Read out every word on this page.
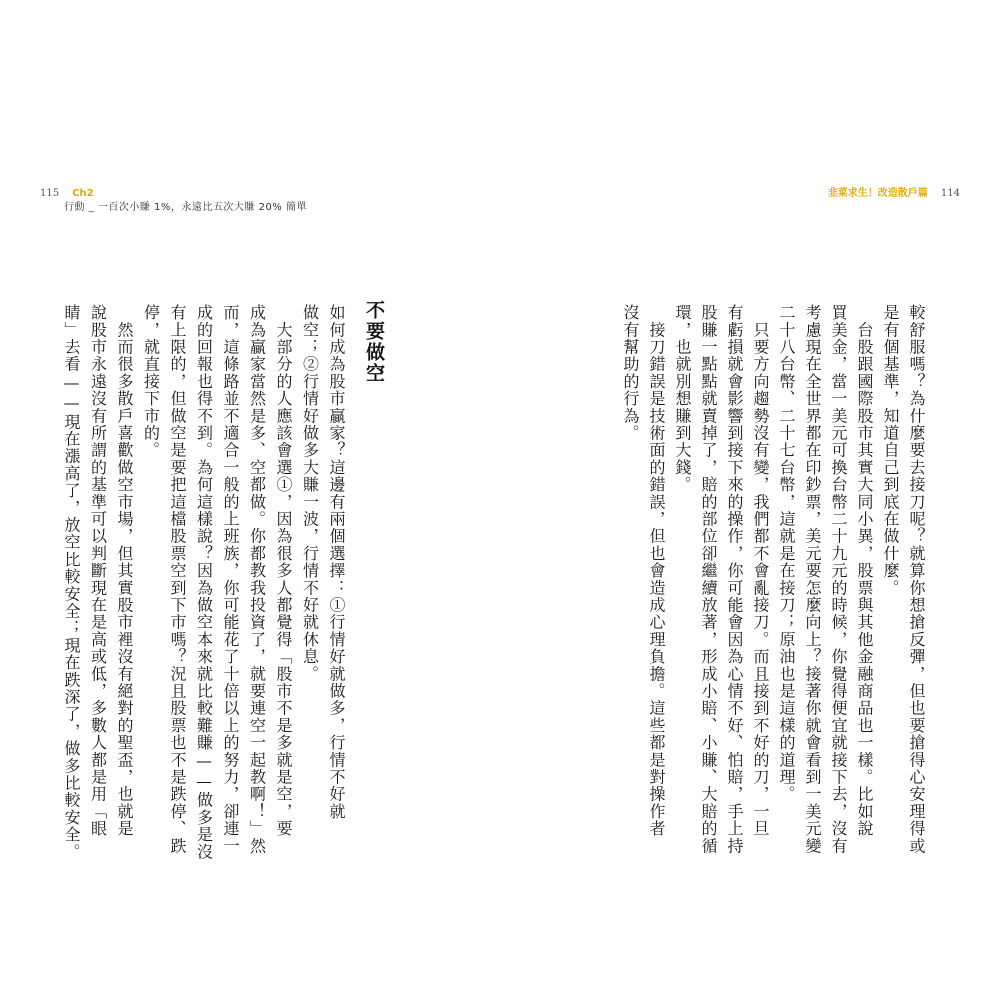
115 Ch2
行動 _ 一百次小賺 1%，永遠比五次大賺 20% 簡單
不要做空
如何成為股市贏家？這邊有兩個選擇：①行情好就做多，行情不好就
做空；②行情好做多大賺一波，行情不好就休息。
　大部分的人應該會選①，因為很多人都覺得「股市不是多就是空，要
成為贏家當然是多、空都做。你都教我投資了，就要連空一起教啊！」然
而，這條路並不適合一般的上班族，你可能花了十倍以上的努力，卻連一
成的回報也得不到。為何這樣說？因為做空本來就比較難賺——做多是沒
有上限的，但做空是要把這檔股票空到下市嗎？況且股票也不是跌停、跌
停，就直接下市的。
　然而很多散戶喜歡做空市場，但其實股市裡沒有絕對的聖盃，也就是
說股市永遠沒有所謂的基準可以判斷現在是高或低，多數人都是用「眼
睛」去看——現在漲高了，放空比較安全；現在跌深了，做多比較安全。
韭菜求生！改造散戶篇 114
較舒服嗎？為什麼要去接刀呢？就算你想搶反彈，但也要搶得心安理得或
是有個基準，知道自己到底在做什麼。
　台股跟國際股市其實大同小異，股票與其他金融商品也一樣。比如說
買美金，當一美元可換台幣二十九元的時候，你覺得便宜就接下去，沒有
考慮現在全世界都在印鈔票，美元要怎麼向上？接著你就會看到一美元變
二十八台幣、二十七台幣，這就是在接刀；原油也是這樣的道理。
　只要方向趨勢沒有變，我們都不會亂接刀。而且接到不好的刀，一旦
有虧損就會影響到接下來的操作，你可能會因為心情不好、怕賠，手上持
股賺一點點就賣掉了，賠的部位卻繼續放著，形成小賠、小賺、大賠的循
環，也就別想賺到大錢。
　接刀錯誤是技術面的錯誤，但也會造成心理負擔。這些都是對操作者
沒有幫助的行為。
